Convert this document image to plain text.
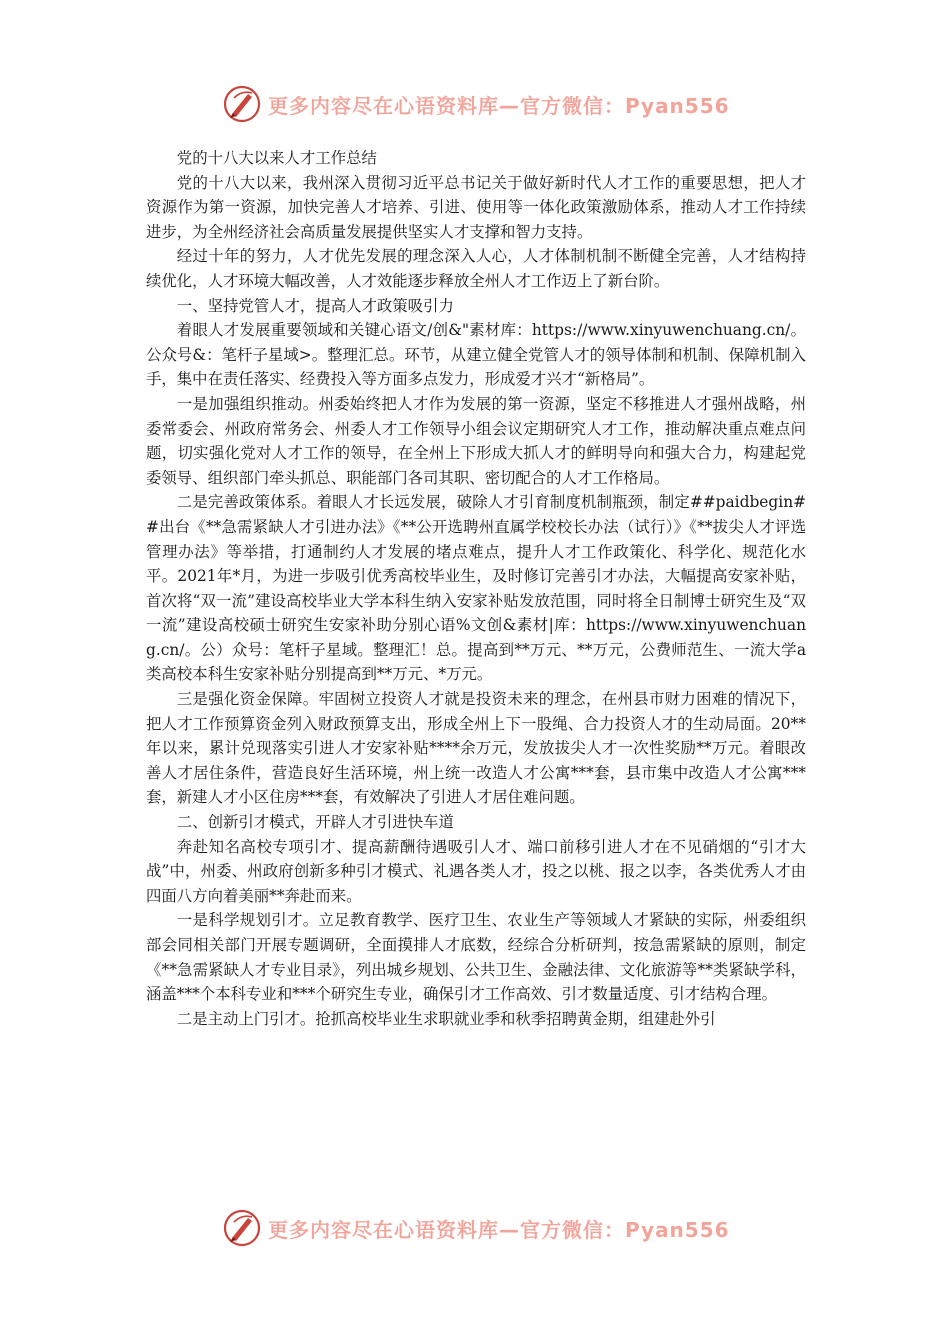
更多内容尽在心语资料库—官方微信：Pyan556

党的十八大以来人才工作总结

党的十八大以来，我州深入贯彻习近平总书记关于做好新时代人才工作的重要思想，把人才资源作为第一资源，加快完善人才培养、引进、使用等一体化政策激励体系，推动人才工作持续进步，为全州经济社会高质量发展提供坚实人才支撑和智力支持。

经过十年的努力，人才优先发展的理念深入人心，人才体制机制不断健全完善，人才结构持续优化，人才环境大幅改善，人才效能逐步释放全州人才工作迈上了新台阶。

一、坚持党管人才，提高人才政策吸引力

着眼人才发展重要领域和关键心语文/创&"素材库：https://www.xinyuwenchuang.cn/。公众号&：笔杆子星域>。整理汇总。环节，从建立健全党管人才的领导体制和机制、保障机制入手，集中在责任落实、经费投入等方面多点发力，形成爱才兴才“新格局”。

一是加强组织推动。州委始终把人才作为发展的第一资源，坚定不移推进人才强州战略，州委常委会、州政府常务会、州委人才工作领导小组会议定期研究人才工作，推动解决重点难点问题，切实强化党对人才工作的领导，在全州上下形成大抓人才的鲜明导向和强大合力，构建起党委领导、组织部门牵头抓总、职能部门各司其职、密切配合的人才工作格局。

二是完善政策体系。着眼人才长远发展，破除人才引育制度机制瓶颈，制定##paidbegin##出台《**急需紧缺人才引进办法》《**公开选聘州直属学校校长办法（试行）》《**拔尖人才评选管理办法》等举措，打通制约人才发展的堵点难点，提升人才工作政策化、科学化、规范化水平。2021年*月，为进一步吸引优秀高校毕业生，及时修订完善引才办法，大幅提高安家补贴，首次将“双一流”建设高校毕业大学本科生纳入安家补贴发放范围，同时将全日制博士研究生及“双一流”建设高校硕士研究生安家补助分别心语%文创&素材|库：https://www.xinyuwenchuang.cn/。公）众号：笔杆子星域。整理汇！总。提高到**万元、**万元，公费师范生、一流大学a类高校本科生安家补贴分别提高到**万元、*万元。

三是强化资金保障。牢固树立投资人才就是投资未来的理念，在州县市财力困难的情况下，把人才工作预算资金列入财政预算支出，形成全州上下一股绳、合力投资人才的生动局面。20**年以来，累计兑现落实引进人才安家补贴****余万元，发放拔尖人才一次性奖励**万元。着眼改善人才居住条件，营造良好生活环境，州上统一改造人才公寓***套，县市集中改造人才公寓***套，新建人才小区住房***套，有效解决了引进人才居住难问题。

二、创新引才模式，开辟人才引进快车道

奔赴知名高校专项引才、提高薪酬待遇吸引人才、端口前移引进人才在不见硝烟的“引才大战”中，州委、州政府创新多种引才模式、礼遇各类人才，投之以桃、报之以李，各类优秀人才由四面八方向着美丽**奔赴而来。

一是科学规划引才。立足教育教学、医疗卫生、农业生产等领域人才紧缺的实际，州委组织部会同相关部门开展专题调研，全面摸排人才底数，经综合分析研判，按急需紧缺的原则，制定《**急需紧缺人才专业目录》，列出城乡规划、公共卫生、金融法律、文化旅游等**类紧缺学科，涵盖***个本科专业和***个研究生专业，确保引才工作高效、引才数量适度、引才结构合理。

二是主动上门引才。抢抓高校毕业生求职就业季和秋季招聘黄金期，组建赴外引

更多内容尽在心语资料库—官方微信：Pyan556
